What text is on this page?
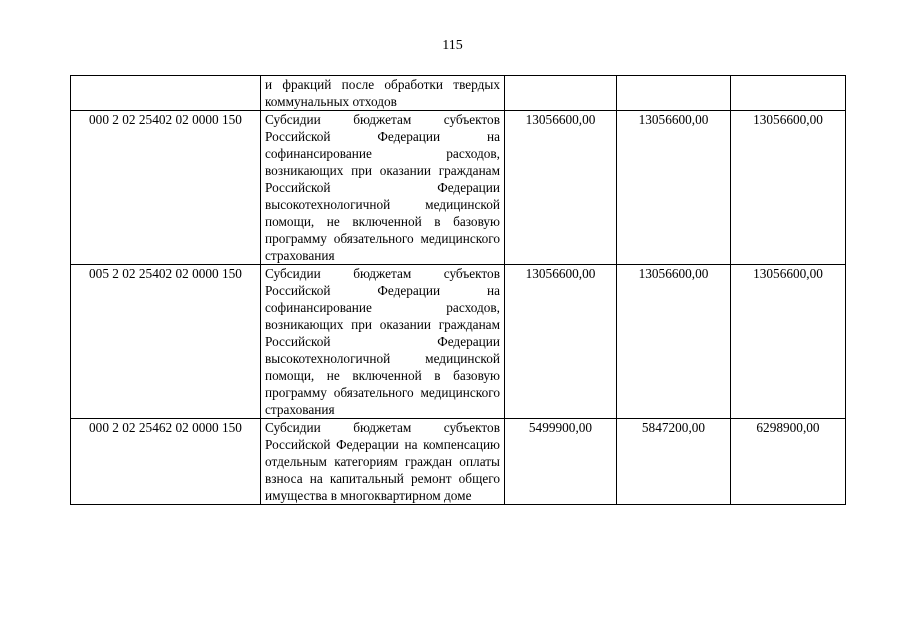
115
	и фракций после обработки твердых коммунальных отходов			
000 2 02 25402 02 0000 150	Субсидии бюджетам субъектов Российской Федерации на софинансирование расходов, возникающих при оказании гражданам Российской Федерации высокотехнологичной медицинской помощи, не включенной в базовую программу обязательного медицинского страхования	13056600,00	13056600,00	13056600,00
005 2 02 25402 02 0000 150	Субсидии бюджетам субъектов Российской Федерации на софинансирование расходов, возникающих при оказании гражданам Российской Федерации высокотехнологичной медицинской помощи, не включенной в базовую программу обязательного медицинского страхования	13056600,00	13056600,00	13056600,00
000 2 02 25462 02 0000 150	Субсидии бюджетам субъектов Российской Федерации на компенсацию отдельным категориям граждан оплаты взноса на капитальный ремонт общего имущества в многоквартирном доме	5499900,00	5847200,00	6298900,00
